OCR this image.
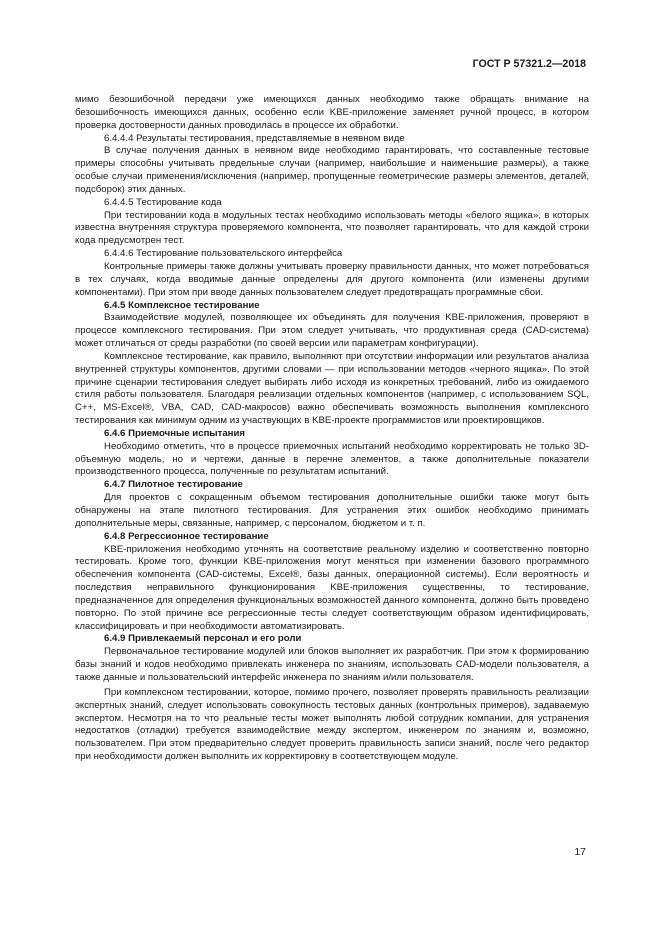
ГОСТ Р 57321.2—2018

мимо безошибочной передачи уже имеющихся данных необходимо также обращать внимание на безошибочность имеющихся данных, особенно если KBE-приложение заменяет ручной процесс, в котором проверка достоверности данных проводилась в процессе их обработки.

6.4.4.4 Результаты тестирования, представляемые в неявном виде

В случае получения данных в неявном виде необходимо гарантировать, что составленные тестовые примеры способны учитывать предельные случаи (например, наибольшие и наименьшие размеры), а также особые случаи применения/исключения (например, пропущенные геометрические размеры элементов, деталей, подсборок) этих данных.

6.4.4.5 Тестирование кода

При тестировании кода в модульных тестах необходимо использовать методы «белого ящика», в которых известна внутренняя структура проверяемого компонента, что позволяет гарантировать, что для каждой строки кода предусмотрен тест.

6.4.4.6 Тестирование пользовательского интерфейса

Контрольные примеры также должны учитывать проверку правильности данных, что может потребоваться в тех случаях, когда вводимые данные определены для другого компонента (или изменены другими компонентами). При этом при вводе данных пользователем следует предотвращать программные сбои.

6.4.5 Комплексное тестирование

Взаимодействие модулей, позволяющее их объединять для получения KBE-приложения, проверяют в процессе комплексного тестирования. При этом следует учитывать, что продуктивная среда (CAD-система) может отличаться от среды разработки (по своей версии или параметрам конфигурации).

Комплексное тестирование, как правило, выполняют при отсутствии информации или результатов анализа внутренней структуры компонентов, другими словами — при использовании методов «черного ящика». По этой причине сценарии тестирования следует выбирать либо исходя из конкретных требований, либо из ожидаемого стиля работы пользователя. Благодаря реализации отдельных компонентов (например, с использованием SQL, C++, MS-Excel®, VBA, CAD, CAD-макросов) важно обеспечивать возможность выполнения комплексного тестирования как минимум одним из участвующих в KBE-проекте программистов или проектировщиков.

6.4.6 Приемочные испытания

Необходимо отметить, что в процессе приемочных испытаний необходимо корректировать не только 3D-объемную модель, но и чертежи, данные в перечне элементов, а также дополнительные показатели производственного процесса, полученные по результатам испытаний.

6.4.7 Пилотное тестирование

Для проектов с сокращенным объемом тестирования дополнительные ошибки также могут быть обнаружены на этапе пилотного тестирования. Для устранения этих ошибок необходимо принимать дополнительные меры, связанные, например, с персоналом, бюджетом и т. п.

6.4.8 Регрессионное тестирование

KBE-приложения необходимо уточнять на соответствие реальному изделию и соответственно повторно тестировать. Кроме того, функции KBE-приложения могут меняться при изменении базового программного обеспечения компонента (CAD-системы, Excel®, базы данных, операционной системы). Если вероятность и последствия неправильного функционирования KBE-приложения существенны, то тестирование, предназначенное для определения функциональных возможностей данного компонента, должно быть проведено повторно. По этой причине все регрессионные тесты следует соответствующим образом идентифицировать, классифицировать и при необходимости автоматизировать.

6.4.9 Привлекаемый персонал и его роли

Первоначальное тестирование модулей или блоков выполняет их разработчик. При этом к формированию базы знаний и кодов необходимо привлекать инженера по знаниям, использовать CAD-модели пользователя, а также данные и пользовательский интерфейс инженера по знаниям и/или пользователя.

При комплексном тестировании, которое, помимо прочего, позволяет проверять правильность реализации экспертных знаний, следует использовать совокупность тестовых данных (контрольных примеров), задаваемую экспертом. Несмотря на то что реальные тесты может выполнять любой сотрудник компании, для устранения недостатков (отладки) требуется взаимодействие между экспертом, инженером по знаниям и, возможно, пользователем. При этом предварительно следует проверить правильность записи знаний, после чего редактор при необходимости должен выполнить их корректировку в соответствующем модуле.

17
